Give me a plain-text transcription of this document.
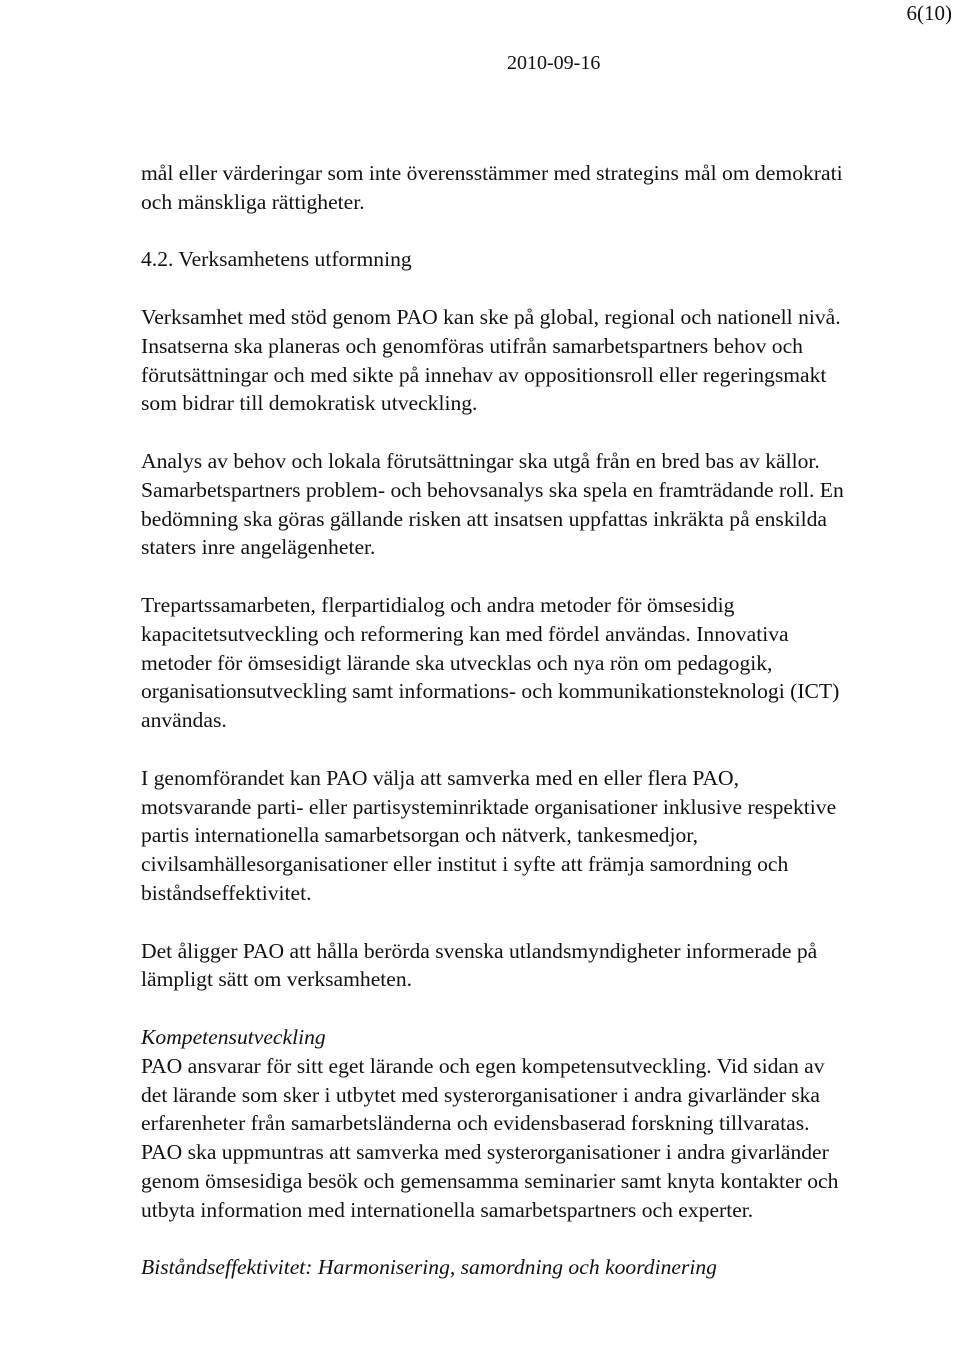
6(10)
2010-09-16

mål eller värderingar som inte överensstämmer med strategins mål om demokrati och mänskliga rättigheter.

4.2. Verksamhetens utformning

Verksamhet med stöd genom PAO kan ske på global, regional och nationell nivå. Insatserna ska planeras och genomföras utifrån samarbetspartners behov och förutsättningar och med sikte på innehav av oppositionsroll eller regeringsmakt som bidrar till demokratisk utveckling.

Analys av behov och lokala förutsättningar ska utgå från en bred bas av källor. Samarbetspartners problem- och behovsanalys ska spela en framträdande roll. En bedömning ska göras gällande risken att insatsen uppfattas inkräkta på enskilda staters inre angelägenheter.

Trepartssamarbeten, flerpartidialog och andra metoder för ömsesidig kapacitetsutveckling och reformering kan med fördel användas. Innovativa metoder för ömsesidigt lärande ska utvecklas och nya rön om pedagogik, organisationsutveckling samt informations- och kommunikationsteknologi (ICT) användas.

I genomförandet kan PAO välja att samverka med en eller flera PAO, motsvarande parti- eller partisysteminriktade organisationer inklusive respektive partis internationella samarbetsorgan och nätverk, tankesmedjor, civilsamhällesorganisationer eller institut i syfte att främja samordning och biståndseffektivitet.

Det åligger PAO att hålla berörda svenska utlandsmyndigheter informerade på lämpligt sätt om verksamheten.

Kompetensutveckling
PAO ansvarar för sitt eget lärande och egen kompetensutveckling. Vid sidan av det lärande som sker i utbytet med systerorganisationer i andra givarländer ska erfarenheter från samarbetsländerna och evidensbaserad forskning tillvaratas. PAO ska uppmuntras att samverka med systerorganisationer i andra givarländer genom ömsesidiga besök och gemensamma seminarier samt knyta kontakter och utbyta information med internationella samarbetspartners och experter.

Biståndseffektivitet: Harmonisering, samordning och koordinering
